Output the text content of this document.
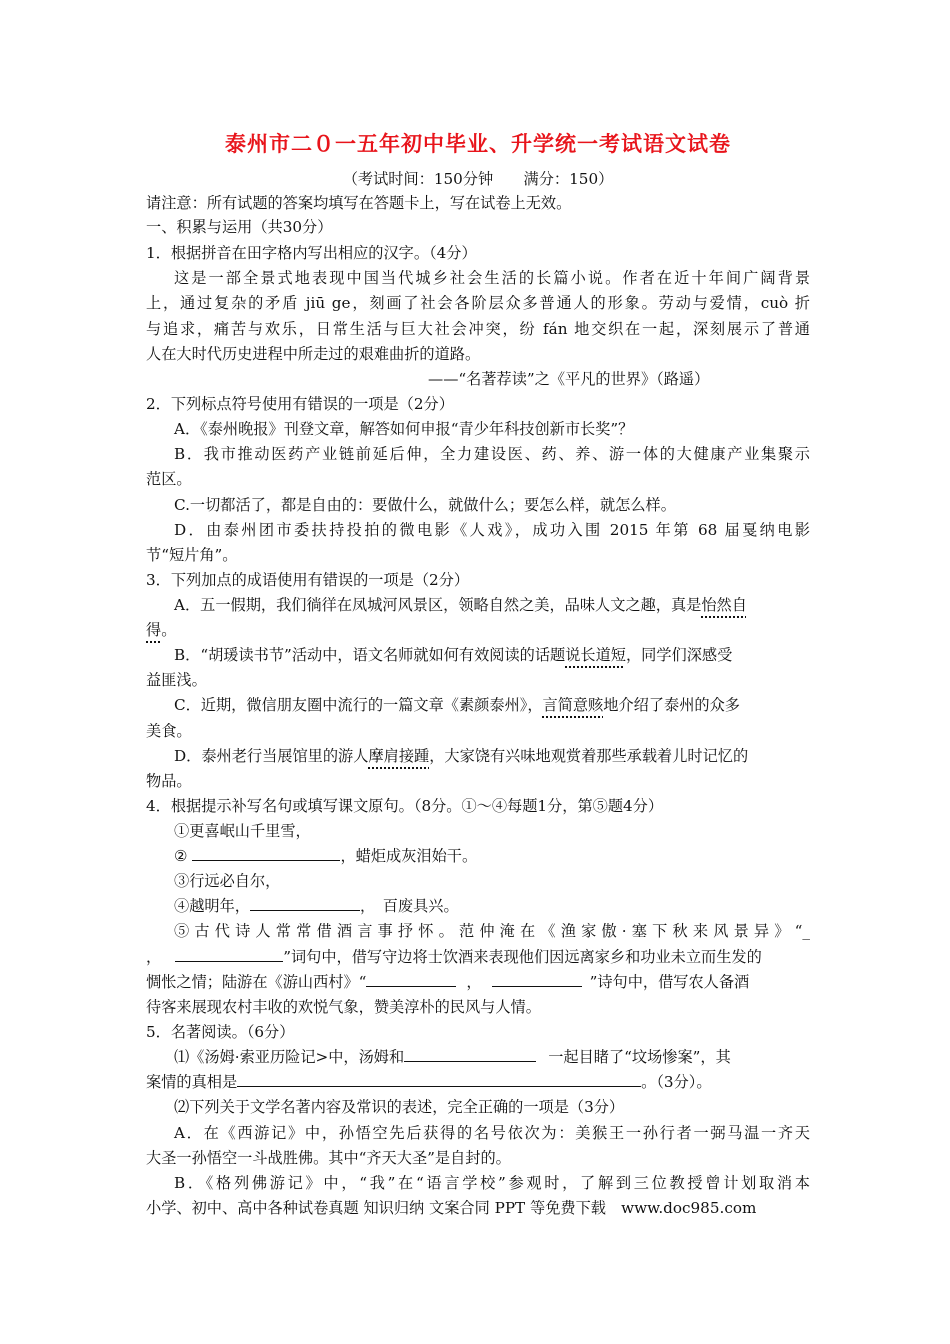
泰州市二０一五年初中毕业、升学统一考试语文试卷
（考试时间：150分钟　　满分：150）
请注意：所有试题的答案均填写在答题卡上，写在试卷上无效。
一、积累与运用（共30分）
1．根据拼音在田字格内写出相应的汉字。（4分）
这是一部全景式地表现中国当代城乡社会生活的长篇小说。作者在近十年间广阔背景
上，通过复杂的矛盾 jiū ge，刻画了社会各阶层众多普通人的形象。劳动与爱情，cuò 折
与追求，痛苦与欢乐，日常生活与巨大社会冲突，纷 fán 地交织在一起，深刻展示了普通
人在大时代历史进程中所走过的艰难曲折的道路。
——“名著荐读”之《平凡的世界》（路遥）
2．下列标点符号使用有错误的一项是（2分）
A．《泰州晚报》刊登文章，解答如何申报“青少年科技创新市长奖”？
B．我市推动医药产业链前延后伸，全力建设医、药、养、游一体的大健康产业集聚示
范区。
C.一切都活了，都是自由的：要做什么，就做什么；要怎么样，就怎么样。
D．由泰州团市委扶持投拍的微电影《人戏》，成功入围 2015 年第 68 届戛纳电影
节“短片角”。
3．下列加点的成语使用有错误的一项是（2分）
A．五一假期，我们徜徉在凤城河风景区，领略自然之美，品味人文之趣，真是怡然自
得。
B．“胡瑗读书节”活动中，语文名师就如何有效阅读的话题说长道短，同学们深感受
益匪浅。
C．近期，微信朋友圈中流行的一篇文章《素颜泰州》，言简意赅地介绍了泰州的众多
美食。
D．泰州老行当展馆里的游人摩肩接踵，大家饶有兴味地观赏着那些承载着儿时记忆的
物品。
4．根据提示补写名句或填写课文原句。（8分。①～④每题1分，第⑤题4分）
①更喜岷山千里雪，
②	，蜡炬成灰泪始干。
③行远必自尔，
④越明年，	，　百废具兴。
⑤古代诗人常常借酒言事抒怀。范仲淹在《渔家傲·塞下秋来风景异》“_
，	”词句中，借写守边将士饮酒来表现他们因远离家乡和功业未立而生发的
惆怅之情；陆游在《游山西村》“	，	”诗句中，借写农人备酒
待客来展现农村丰收的欢悦气象，赞美淳朴的民风与人情。
5．名著阅读。（6分）
⑴《汤姆·索亚历险记>中，汤姆和	一起目睹了“坟场惨案”，其
案情的真相是	。（3分）。
⑵下列关于文学名著内容及常识的表述，完全正确的一项是（3分）
A．在《西游记》中，孙悟空先后获得的名号依次为：美猴王一孙行者一弼马温一齐天
大圣一孙悟空一斗战胜佛。其中“齐天大圣”是自封的。
B．《格列佛游记》中，“我”在“语言学校”参观时，了解到三位教授曾计划取消本
小学、初中、高中各种试卷真题 知识归纳 文案合同 PPT 等免费下载　www.doc985.com
